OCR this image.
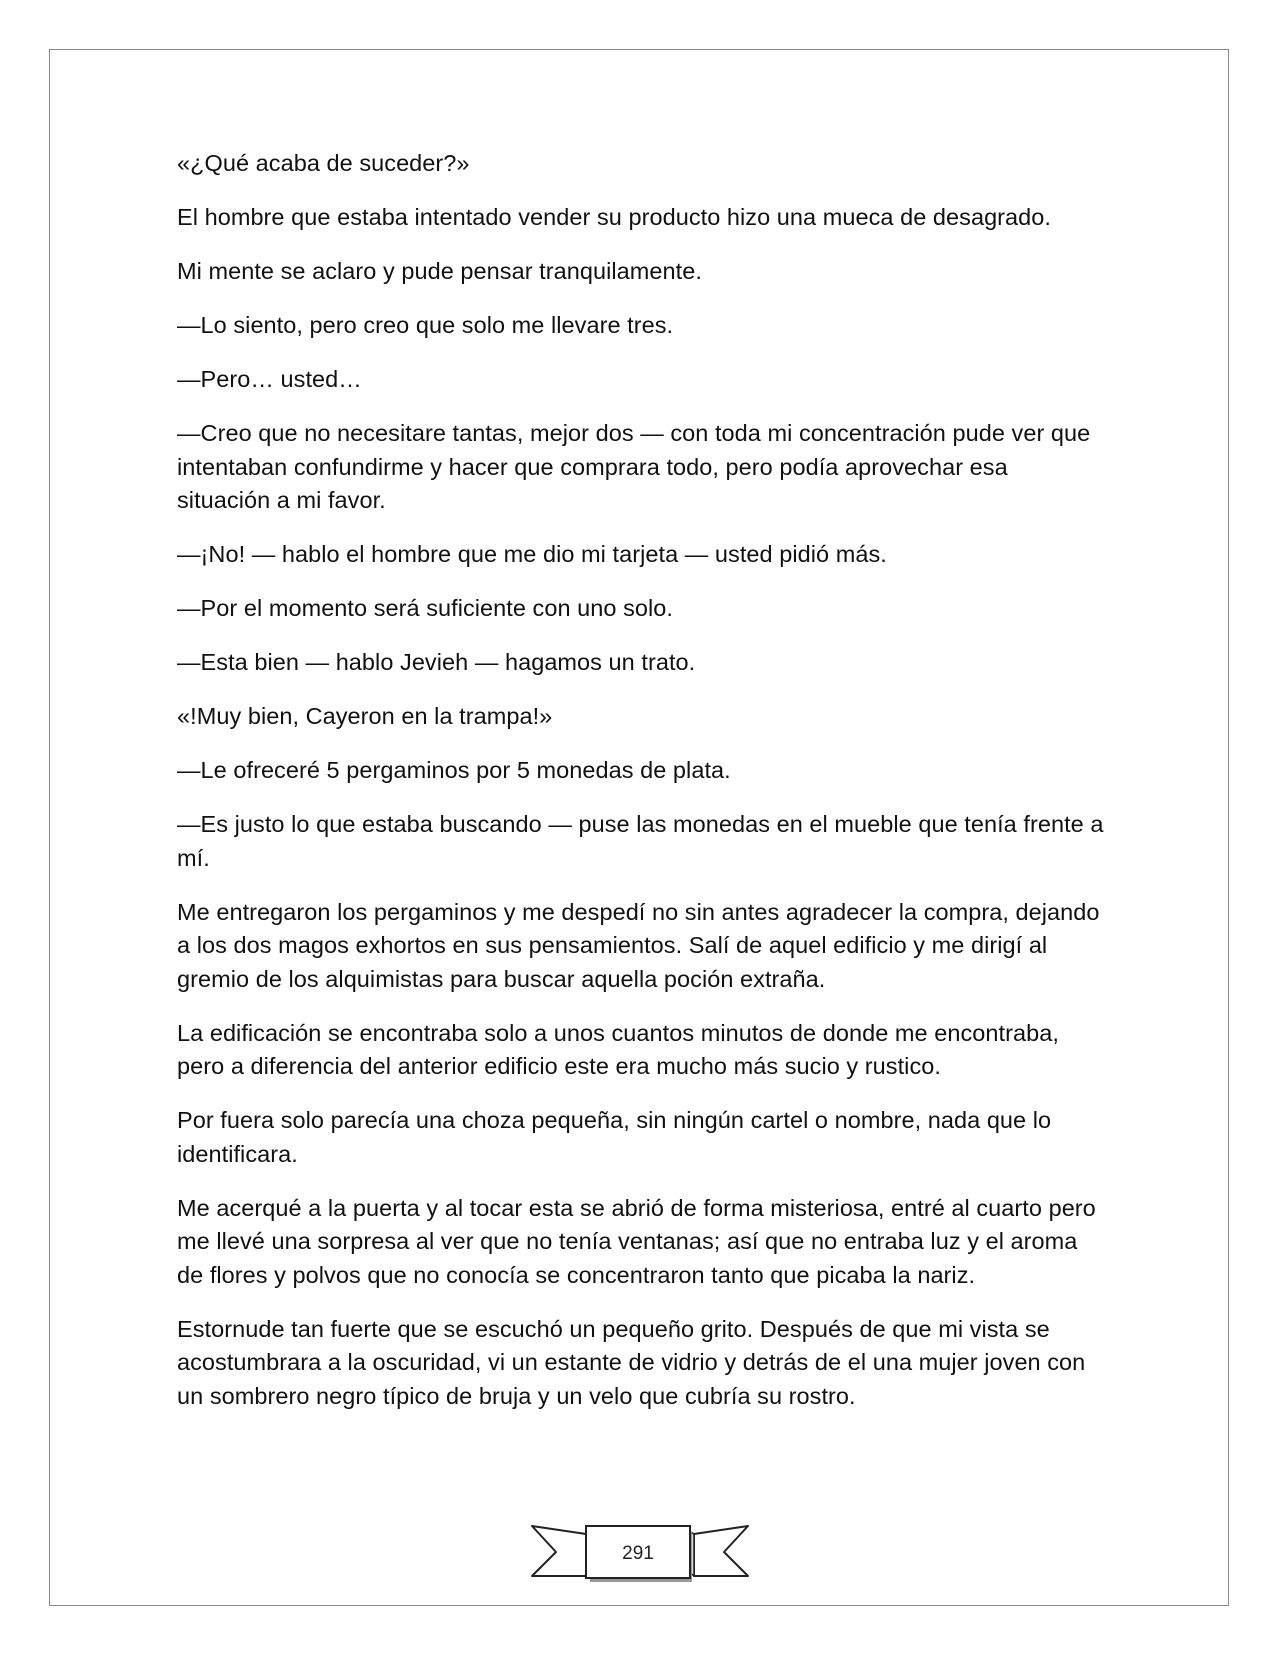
«¿Qué acaba de suceder?»

El hombre que estaba intentado vender su producto hizo una mueca de desagrado.

Mi mente se aclaro y pude pensar tranquilamente.

—Lo siento, pero creo que solo me llevare tres.

—Pero… usted…

—Creo que no necesitare tantas, mejor dos — con toda mi concentración pude ver que intentaban confundirme y hacer que comprara todo, pero podía aprovechar esa situación a mi favor.

—¡No! — hablo el hombre que me dio mi tarjeta — usted pidió más.

—Por el momento será suficiente con uno solo.

—Esta bien — hablo Jevieh — hagamos un trato.

«!Muy bien, Cayeron en la trampa!»

—Le ofreceré 5 pergaminos por 5 monedas de plata.

—Es justo lo que estaba buscando — puse las monedas en el mueble que tenía frente a mí.

Me entregaron los pergaminos y me despedí no sin antes agradecer la compra, dejando a los dos magos exhortos en sus pensamientos. Salí de aquel edificio y me dirigí al gremio de los alquimistas para buscar aquella poción extraña.

La edificación se encontraba solo a unos cuantos minutos de donde me encontraba, pero a diferencia del anterior edificio este era mucho más sucio y rustico.

Por fuera solo parecía una choza pequeña, sin ningún cartel o nombre, nada que lo identificara.

Me acerqué a la puerta y al tocar esta se abrió de forma misteriosa, entré al cuarto pero me llevé una sorpresa al ver que no tenía ventanas; así que no entraba luz y el aroma de flores y polvos que no conocía se concentraron tanto que picaba la nariz.

Estornude tan fuerte que se escuchó un pequeño grito. Después de que mi vista se acostumbrara a la oscuridad, vi un estante de vidrio y detrás de el una mujer joven con un sombrero negro típico de bruja y un velo que cubría su rostro.

291
